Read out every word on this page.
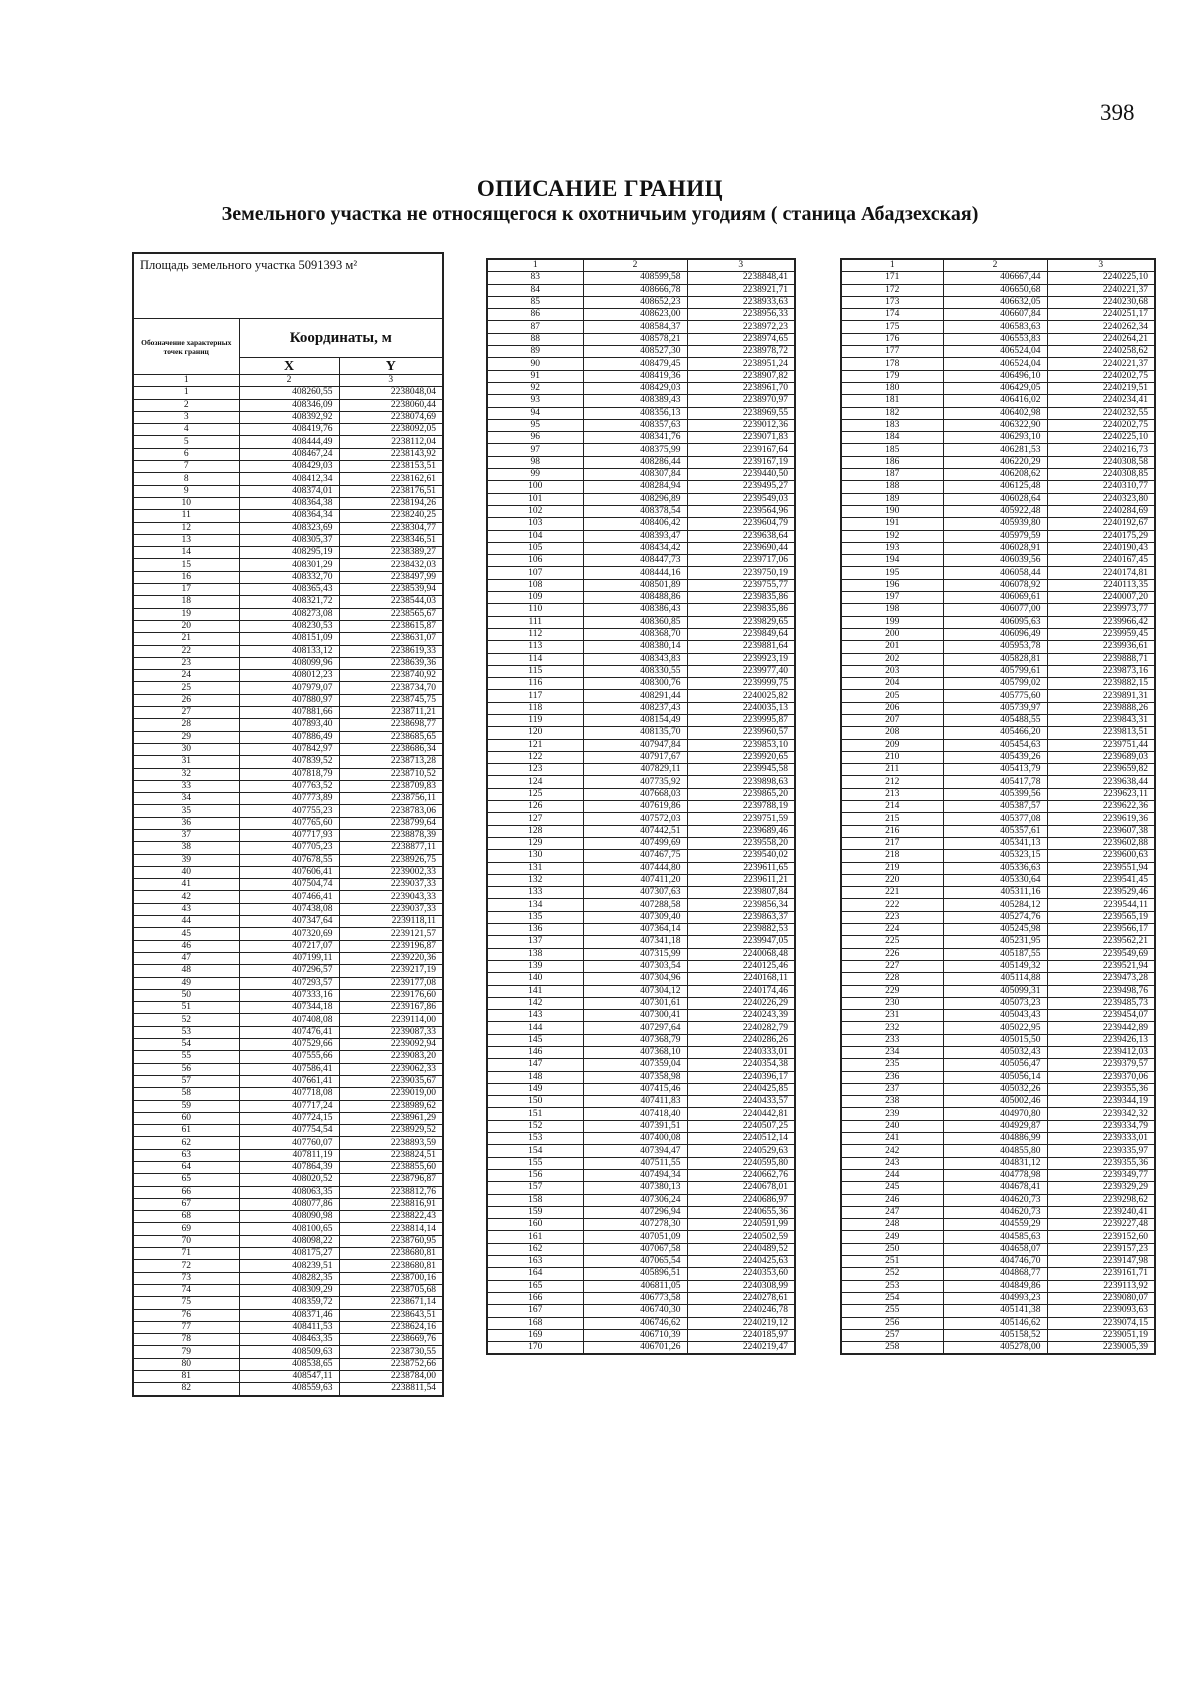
398
ОПИСАНИЕ ГРАНИЦ
Земельного участка не относящегося к охотничьим угодиям ( станица Абадзехская)
Площадь земельного участка 5091393 м²		
Обозначение характерных точек границ	Координаты, м	
	X	Y
1	2	3
1	408260,55	2238048,04
2	408346,09	2238060,44
3	408392,92	2238074,69
4	408419,76	2238092,05
5	408444,49	2238112,04
6	408467,24	2238143,92
7	408429,03	2238153,51
8	408412,34	2238162,61
9	408374,01	2238176,51
10	408364,38	2238194,26
11	408364,34	2238240,25
12	408323,69	2238304,77
13	408305,37	2238346,51
14	408295,19	2238389,27
15	408301,29	2238432,03
16	408332,70	2238497,99
17	408365,43	2238539,94
18	408321,72	2238544,03
19	408273,08	2238565,67
20	408230,53	2238615,87
21	408151,09	2238631,07
22	408133,12	2238619,33
23	408099,96	2238639,36
24	408012,23	2238740,92
25	407979,07	2238734,70
26	407880,97	2238745,75
27	407881,66	2238711,21
28	407893,40	2238698,77
29	407886,49	2238685,65
30	407842,97	2238686,34
31	407839,52	2238713,28
32	407818,79	2238710,52
33	407763,52	2238709,83
34	407773,89	2238756,11
35	407755,23	2238783,06
36	407765,60	2238799,64
37	407717,93	2238878,39
38	407705,23	2238877,11
39	407678,55	2238926,75
40	407606,41	2239002,33
41	407504,74	2239037,33
42	407466,41	2239043,33
43	407438,08	2239037,33
44	407347,64	2239118,11
45	407320,69	2239121,57
46	407217,07	2239196,87
47	407199,11	2239220,36
48	407296,57	2239217,19
49	407293,57	2239177,08
50	407333,16	2239176,60
51	407344,18	2239167,86
52	407408,08	2239114,00
53	407476,41	2239087,33
54	407529,66	2239092,94
55	407555,66	2239083,20
56	407586,41	2239062,33
57	407661,41	2239035,67
58	407718,08	2239019,00
59	407717,24	2238989,62
60	407724,15	2238961,29
61	407754,54	2238929,52
62	407760,07	2238893,59
63	407811,19	2238824,51
64	407864,39	2238855,60
65	408020,52	2238796,87
66	408063,35	2238812,76
67	408077,86	2238816,91
68	408090,98	2238822,43
69	408100,65	2238814,14
70	408098,22	2238760,95
71	408175,27	2238680,81
72	408239,51	2238680,81
73	408282,35	2238700,16
74	408309,29	2238705,68
75	408359,72	2238671,14
76	408371,46	2238643,51
77	408411,53	2238624,16
78	408463,35	2238669,76
79	408509,63	2238730,55
80	408538,65	2238752,66
81	408547,11	2238784,00
82	408559,63	2238811,54
1	2	3
83	408599,58	2238848,41
84	408666,78	2238921,71
85	408652,23	2238933,63
86	408623,00	2238956,33
87	408584,37	2238972,23
88	408578,21	2238974,65
89	408527,30	2238978,72
90	408479,45	2238951,24
91	408419,36	2238907,82
92	408429,03	2238961,70
93	408389,43	2238970,97
94	408356,13	2238969,55
95	408357,63	2239012,36
96	408341,76	2239071,83
97	408375,99	2239167,64
98	408286,44	2239167,19
99	408307,84	2239440,50
100	408284,94	2239495,27
101	408296,89	2239549,03
102	408378,54	2239564,96
103	408406,42	2239604,79
104	408393,47	2239638,64
105	408434,42	2239690,44
106	408447,73	2239717,06
107	408444,16	2239750,19
108	408501,89	2239755,77
109	408488,86	2239835,86
110	408386,43	2239835,86
111	408360,85	2239829,65
112	408368,70	2239849,64
113	408380,14	2239881,64
114	408343,83	2239923,19
115	408330,55	2239977,40
116	408300,76	2239999,75
117	408291,44	2240025,82
118	408237,43	2240035,13
119	408154,49	2239995,87
120	408135,70	2239960,57
121	407947,84	2239853,10
122	407917,67	2239920,65
123	407829,11	2239945,58
124	407735,92	2239898,63
125	407668,03	2239865,20
126	407619,86	2239788,19
127	407572,03	2239751,59
128	407442,51	2239689,46
129	407499,69	2239558,20
130	407467,75	2239540,02
131	407444,80	2239611,65
132	407411,20	2239611,21
133	407307,63	2239807,84
134	407288,58	2239856,34
135	407309,40	2239863,37
136	407364,14	2239882,53
137	407341,18	2239947,05
138	407315,99	2240068,48
139	407303,54	2240125,46
140	407304,96	2240168,11
141	407304,12	2240174,46
142	407301,61	2240226,29
143	407300,41	2240243,39
144	407297,64	2240282,79
145	407368,79	2240286,26
146	407368,10	2240333,01
147	407359,04	2240354,38
148	407358,98	2240396,17
149	407415,46	2240425,85
150	407411,83	2240433,57
151	407418,40	2240442,81
152	407391,51	2240507,25
153	407400,08	2240512,14
154	407394,47	2240529,63
155	407511,55	2240595,80
156	407494,34	2240662,76
157	407380,13	2240678,01
158	407306,24	2240686,97
159	407296,94	2240655,36
160	407278,30	2240591,99
161	407051,09	2240502,59
162	407067,58	2240489,52
163	407065,54	2240425,63
164	405896,51	2240353,60
165	406811,05	2240308,99
166	406773,58	2240278,61
167	406740,30	2240246,78
168	406746,62	2240219,12
169	406710,39	2240185,97
170	406701,26	2240219,47
1	2	3
171	406667,44	2240225,10
172	406650,68	2240221,37
173	406632,05	2240230,68
174	406607,84	2240251,17
175	406583,63	2240262,34
176	406553,83	2240264,21
177	406524,04	2240258,62
178	406524,04	2240221,37
179	406496,10	2240202,75
180	406429,05	2240219,51
181	406416,02	2240234,41
182	406402,98	2240232,55
183	406322,90	2240202,75
184	406293,10	2240225,10
185	406281,53	2240216,73
186	406220,29	2240308,58
187	406208,62	2240308,85
188	406125,48	2240310,77
189	406028,64	2240323,80
190	405922,48	2240284,69
191	405939,80	2240192,67
192	405979,59	2240175,29
193	406028,91	2240190,43
194	406039,56	2240167,45
195	406058,44	2240174,81
196	406078,92	2240113,35
197	406069,61	2240007,20
198	406077,00	2239973,77
199	406095,63	2239966,42
200	406096,49	2239959,45
201	405953,78	2239936,61
202	405828,81	2239888,71
203	405799,61	2239873,16
204	405799,02	2239882,15
205	405775,60	2239891,31
206	405739,97	2239888,26
207	405488,55	2239843,31
208	405466,20	2239813,51
209	405454,63	2239751,44
210	405439,26	2239689,03
211	405413,79	2239659,82
212	405417,78	2239638,44
213	405399,56	2239623,11
214	405387,57	2239622,36
215	405377,08	2239619,36
216	405357,61	2239607,38
217	405341,13	2239602,88
218	405323,15	2239600,63
219	405336,63	2239551,94
220	405330,64	2239541,45
221	405311,16	2239529,46
222	405284,12	2239544,11
223	405274,76	2239565,19
224	405245,98	2239566,17
225	405231,95	2239562,21
226	405187,55	2239549,69
227	405149,32	2239521,94
228	405114,88	2239473,28
229	405099,31	2239498,76
230	405073,23	2239485,73
231	405043,43	2239454,07
232	405022,95	2239442,89
233	405015,50	2239426,13
234	405032,43	2239412,03
235	405056,47	2239379,57
236	405056,14	2239370,06
237	405032,26	2239355,36
238	405002,46	2239344,19
239	404970,80	2239342,32
240	404929,87	2239334,79
241	404886,99	2239333,01
242	404855,80	2239335,97
243	404831,12	2239355,36
244	404778,98	2239349,77
245	404678,41	2239329,29
246	404620,73	2239298,62
247	404620,73	2239240,41
248	404559,29	2239227,48
249	404585,63	2239152,60
250	404658,07	2239157,23
251	404746,70	2239147,98
252	404868,77	2239161,71
253	404849,86	2239113,92
254	404993,23	2239080,07
255	405141,38	2239093,63
256	405146,62	2239074,15
257	405158,52	2239051,19
258	405278,00	2239005,39
